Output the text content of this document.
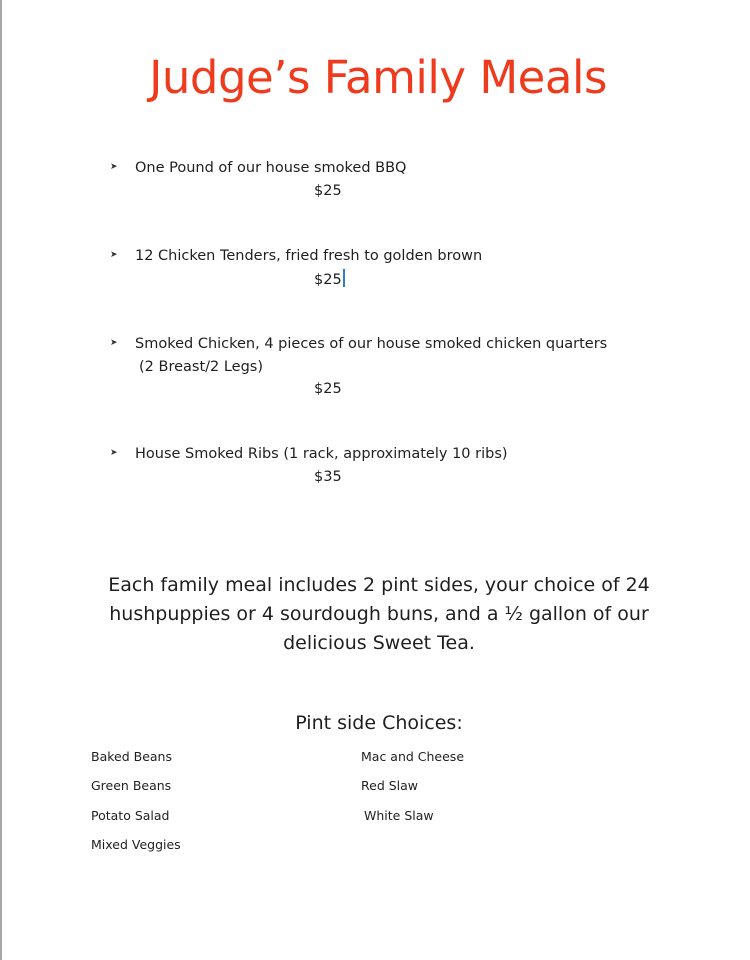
Judge’s Family Meals
➤ One Pound of our house smoked BBQ
$25
➤ 12 Chicken Tenders, fried fresh to golden brown
$25
➤ Smoked Chicken, 4 pieces of our house smoked chicken quarters
(2 Breast/2 Legs)
$25
➤ House Smoked Ribs (1 rack, approximately 10 ribs)
$35
Each family meal includes 2 pint sides, your choice of 24
hushpuppies or 4 sourdough buns, and a ½ gallon of our
delicious Sweet Tea.
Pint side Choices:
Baked Beans
Green Beans
Potato Salad
Mixed Veggies
Mac and Cheese
Red Slaw
White Slaw
